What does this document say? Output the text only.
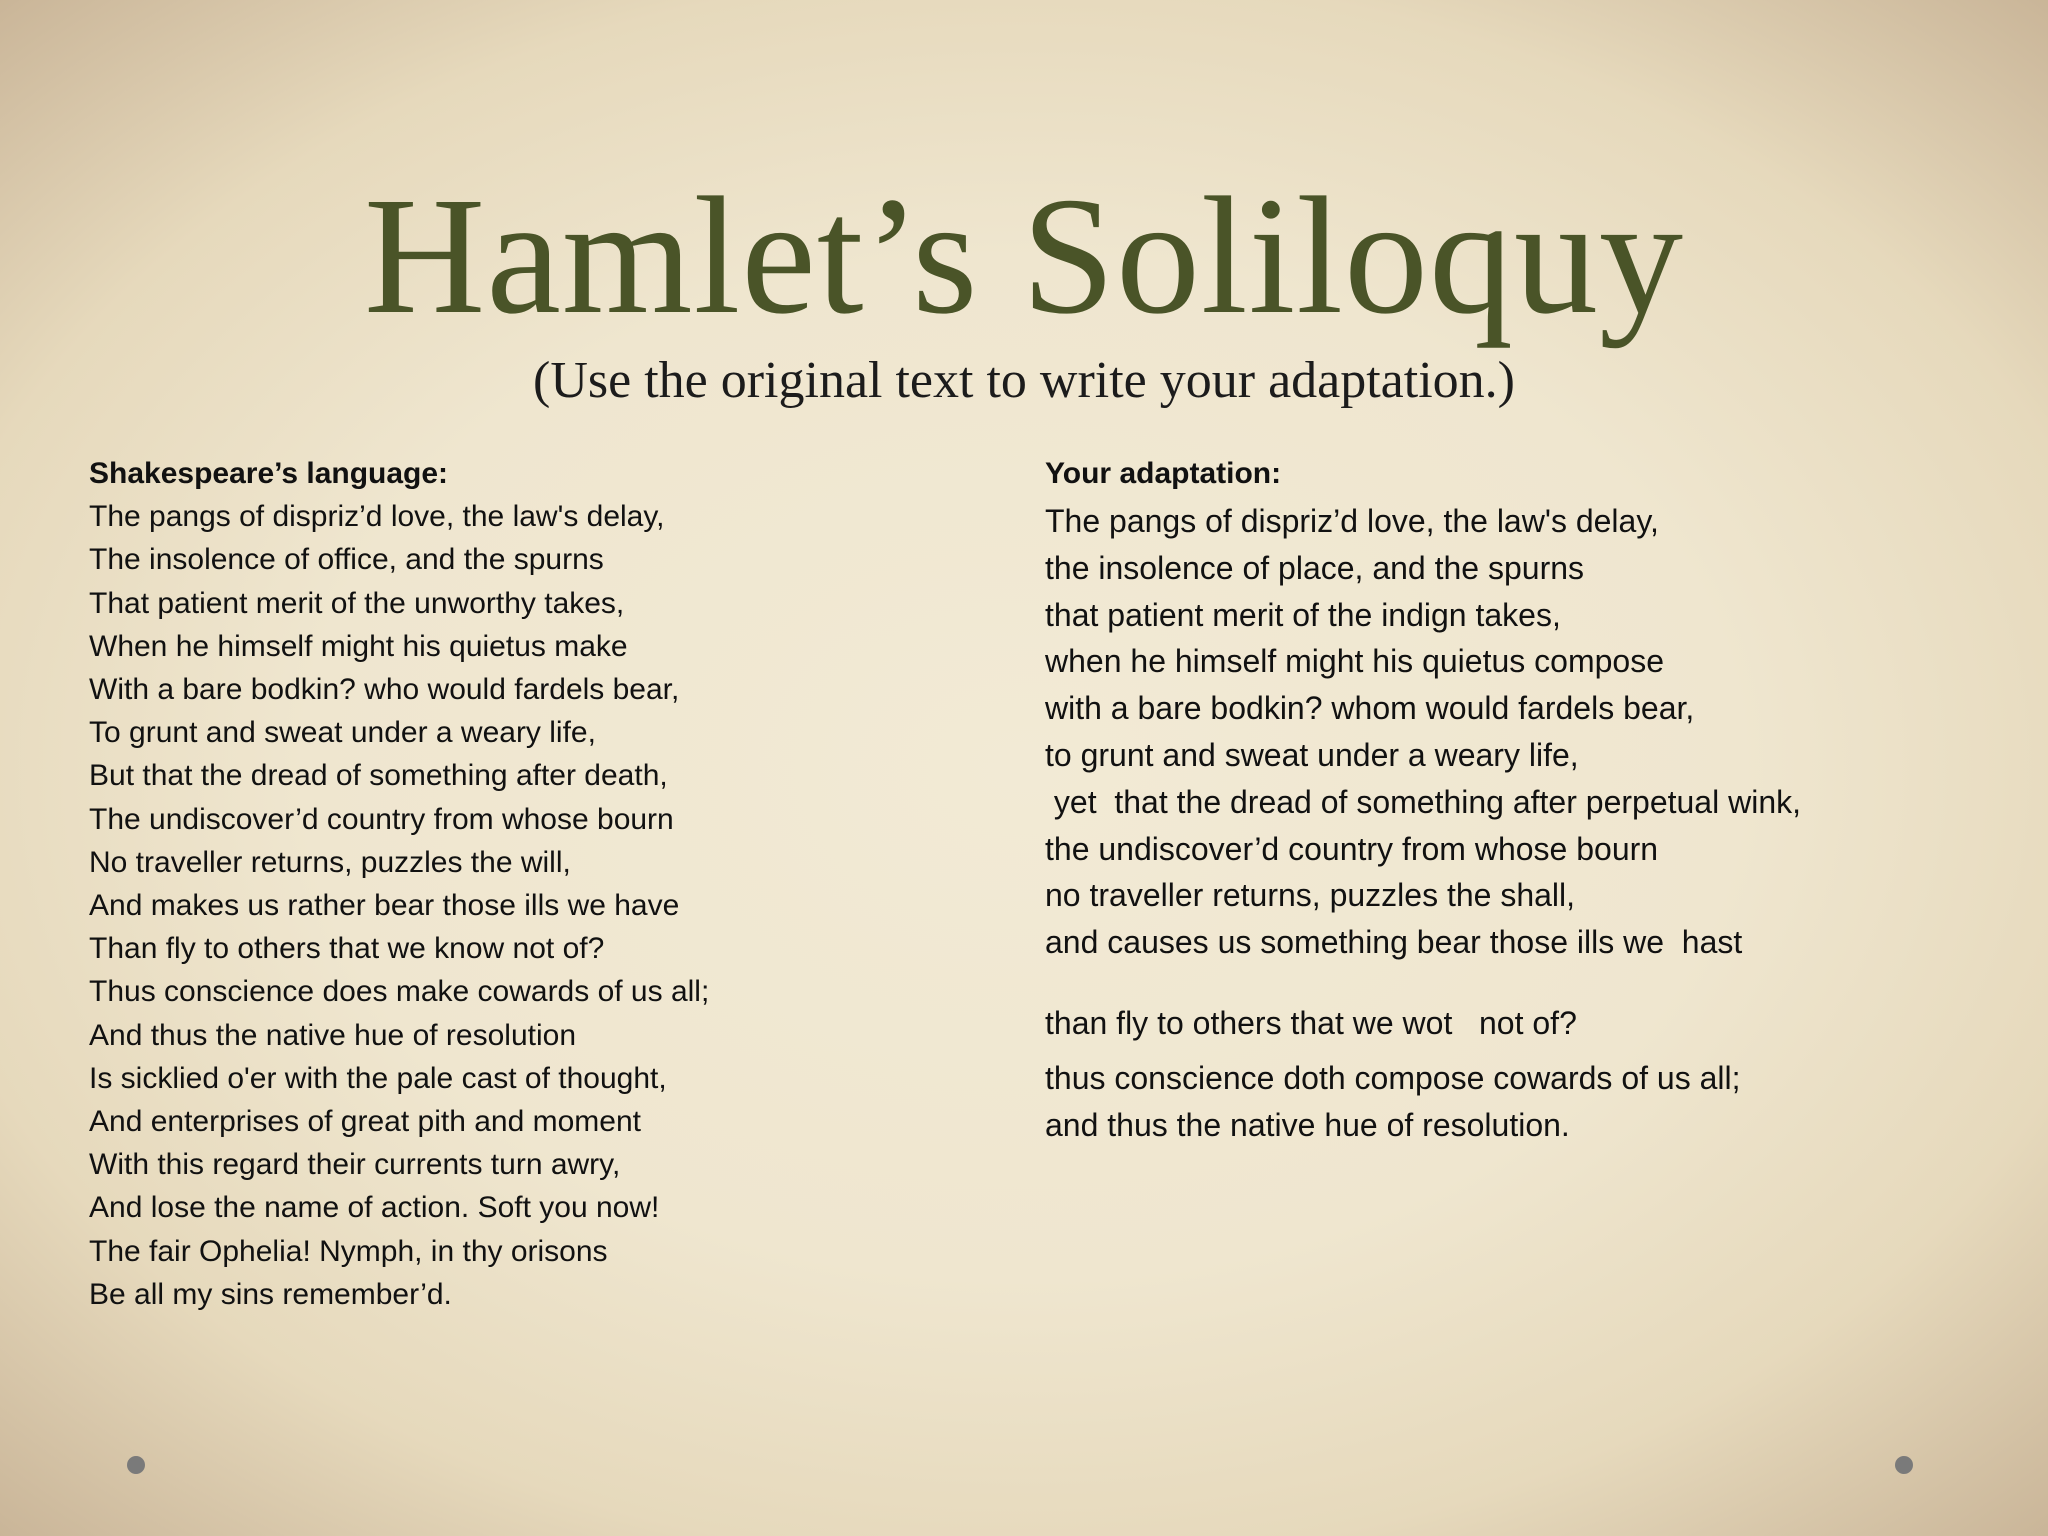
Hamlet’s Soliloquy
(Use the original text to write your adaptation.)

Shakespeare’s language:

The pangs of dispriz’d love, the law's delay,

The insolence of office, and the spurns

That patient merit of the unworthy takes,

When he himself might his quietus make

With a bare bodkin? who would fardels bear,

To grunt and sweat under a weary life,

But that the dread of something after death,

The undiscover’d country from whose bourn

No traveller returns, puzzles the will,

And makes us rather bear those ills we have

Than fly to others that we know not of?

Thus conscience does make cowards of us all;

And thus the native hue of resolution

Is sicklied o'er with the pale cast of thought,

And enterprises of great pith and moment

With this regard their currents turn awry,

And lose the name of action. Soft you now!

The fair Ophelia! Nymph, in thy orisons

Be all my sins remember’d.

Your adaptation:

The pangs of dispriz’d love, the law's delay,

the insolence of place, and the spurns

that patient merit of the indign takes,

when he himself might his quietus compose

with a bare bodkin? whom would fardels bear,

to grunt and sweat under a weary life,

yet  that the dread of something after perpetual wink,

the undiscover’d country from whose bourn

no traveller returns, puzzles the shall,

and causes us something bear those ills we  hast

than fly to others that we wot   not of?

thus conscience doth compose cowards of us all;

and thus the native hue of resolution.
